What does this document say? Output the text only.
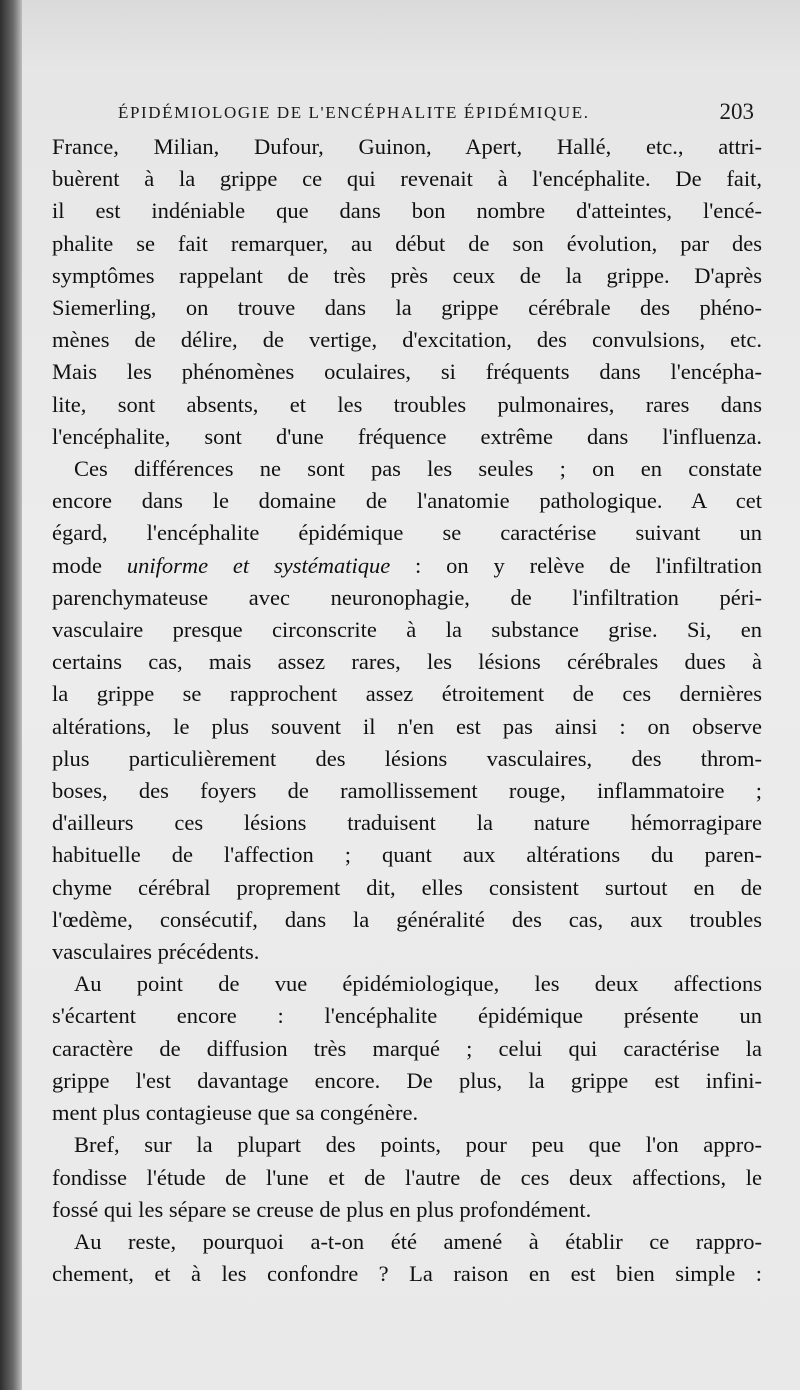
ÉPIDÉMIOLOGIE DE L'ENCÉPHALITE ÉPIDÉMIQUE.	203

France, Milian, Dufour, Guinon, Apert, Hallé, etc., attri-
buèrent à la grippe ce qui revenait à l'encéphalite. De fait,
il est indéniable que dans bon nombre d'atteintes, l'encé-
phalite se fait remarquer, au début de son évolution, par des
symptômes rappelant de très près ceux de la grippe. D'après
Siemerling, on trouve dans la grippe cérébrale des phéno-
mènes de délire, de vertige, d'excitation, des convulsions, etc.
Mais les phénomènes oculaires, si fréquents dans l'encépha-
lite, sont absents, et les troubles pulmonaires, rares dans
l'encéphalite, sont d'une fréquence extrême dans l'influenza.

Ces différences ne sont pas les seules ; on en constate
encore dans le domaine de l'anatomie pathologique. A cet
égard, l'encéphalite épidémique se caractérise suivant un
mode uniforme et systématique : on y relève de l'infiltration
parenchymateuse avec neuronophagie, de l'infiltration péri-
vasculaire presque circonscrite à la substance grise. Si, en
certains cas, mais assez rares, les lésions cérébrales dues à
la grippe se rapprochent assez étroitement de ces dernières
altérations, le plus souvent il n'en est pas ainsi : on observe
plus particulièrement des lésions vasculaires, des throm-
boses, des foyers de ramollissement rouge, inflammatoire ;
d'ailleurs ces lésions traduisent la nature hémorragipare
habituelle de l'affection ; quant aux altérations du paren-
chyme cérébral proprement dit, elles consistent surtout en de
l'œdème, consécutif, dans la généralité des cas, aux troubles
vasculaires précédents.

Au point de vue épidémiologique, les deux affections
s'écartent encore : l'encéphalite épidémique présente un
caractère de diffusion très marqué ; celui qui caractérise la
grippe l'est davantage encore. De plus, la grippe est infini-
ment plus contagieuse que sa congénère.

Bref, sur la plupart des points, pour peu que l'on appro-
fondisse l'étude de l'une et de l'autre de ces deux affections, le
fossé qui les sépare se creuse de plus en plus profondément.

Au reste, pourquoi a-t-on été amené à établir ce rappro-
chement, et à les confondre ? La raison en est bien simple :
